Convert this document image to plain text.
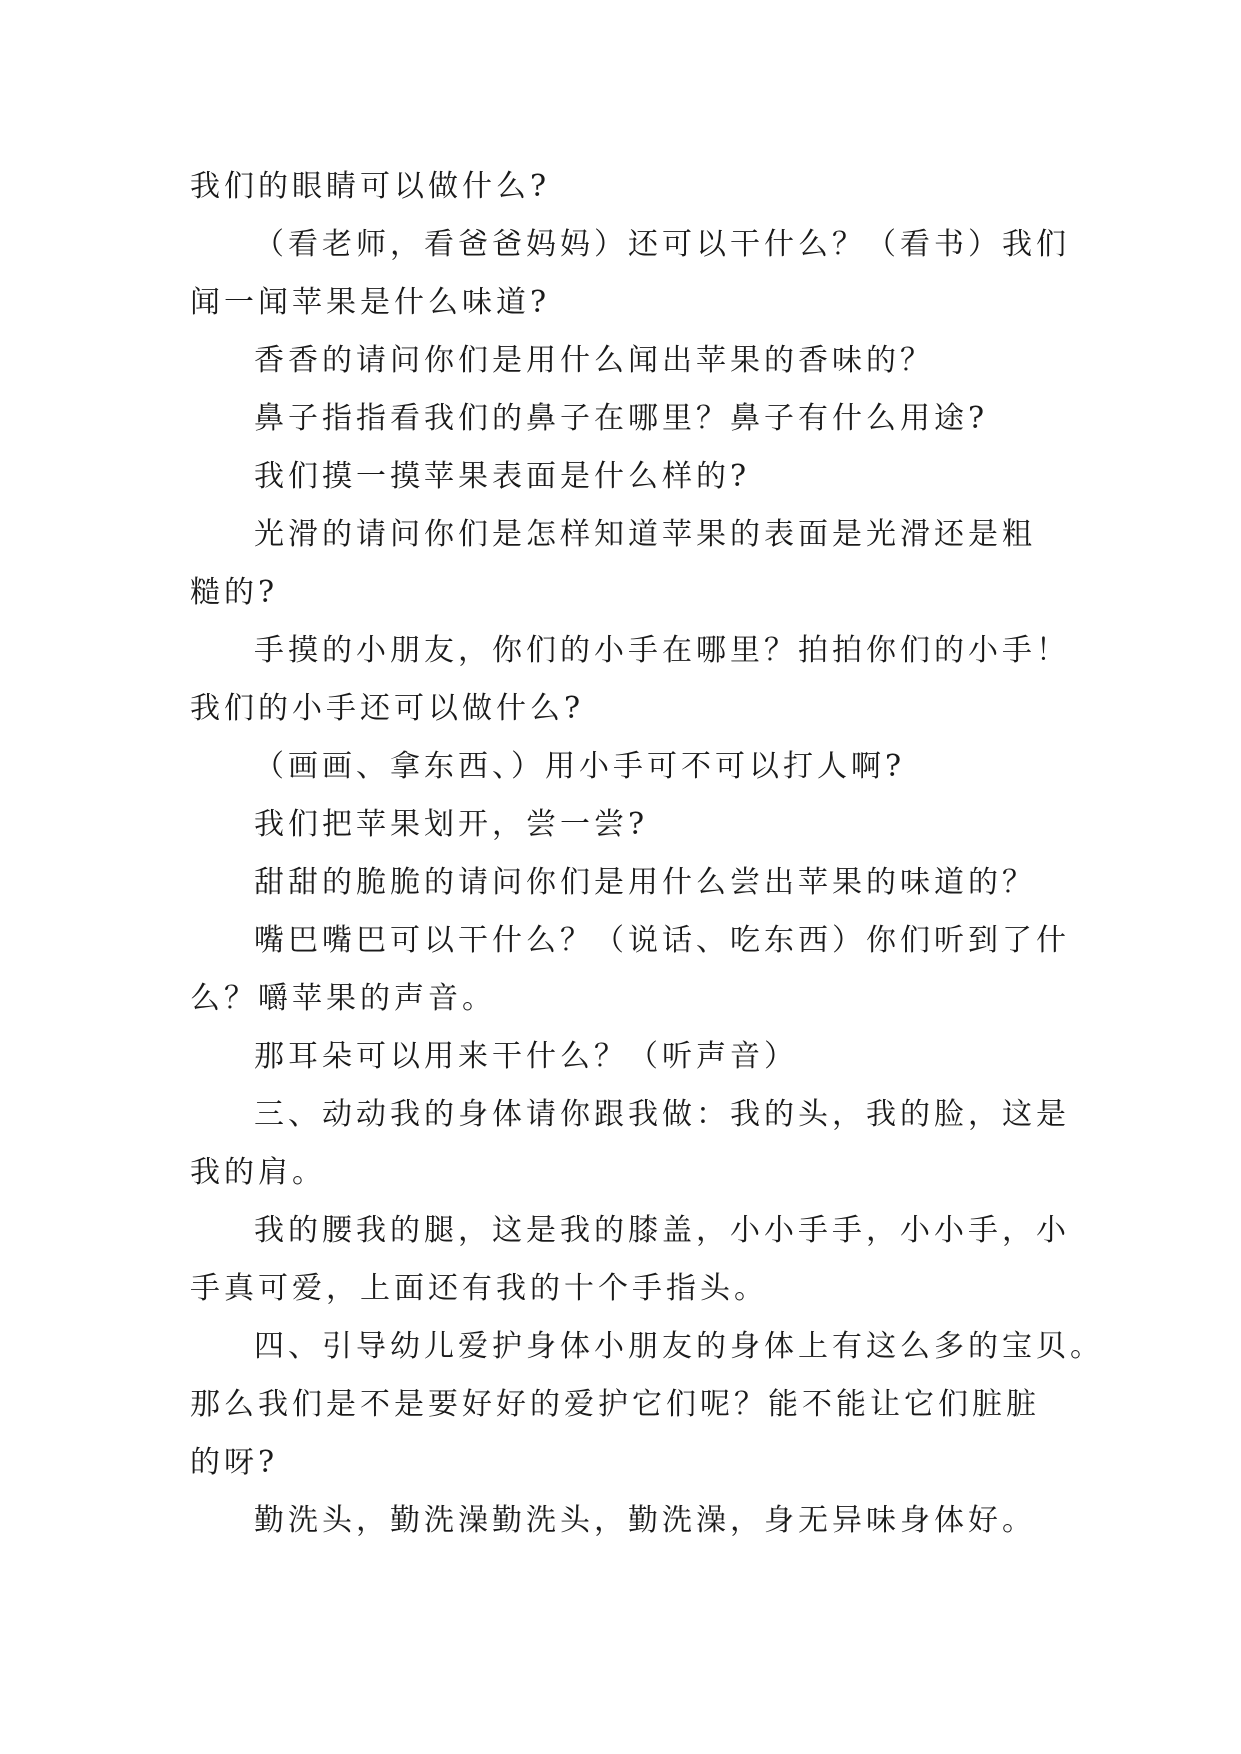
我们的眼睛可以做什么?
（看老师，看爸爸妈妈）还可以干什么？（看书）我们
闻一闻苹果是什么味道?
香香的请问你们是用什么闻出苹果的香味的？
鼻子指指看我们的鼻子在哪里？鼻子有什么用途?
我们摸一摸苹果表面是什么样的?
光滑的请问你们是怎样知道苹果的表面是光滑还是粗
糙的?
手摸的小朋友，你们的小手在哪里？拍拍你们的小手！
我们的小手还可以做什么?
（画画、拿东西、）用小手可不可以打人啊?
我们把苹果划开，尝一尝?
甜甜的脆脆的请问你们是用什么尝出苹果的味道的？
嘴巴嘴巴可以干什么？（说话、吃东西）你们听到了什
么？嚼苹果的声音。
那耳朵可以用来干什么？（听声音）
三、动动我的身体请你跟我做：我的头，我的脸，这是
我的肩。
我的腰我的腿，这是我的膝盖，小小手手，小小手，小
手真可爱，上面还有我的十个手指头。
四、引导幼儿爱护身体小朋友的身体上有这么多的宝贝。
那么我们是不是要好好的爱护它们呢？能不能让它们脏脏
的呀?
勤洗头，勤洗澡勤洗头，勤洗澡，身无异味身体好。
